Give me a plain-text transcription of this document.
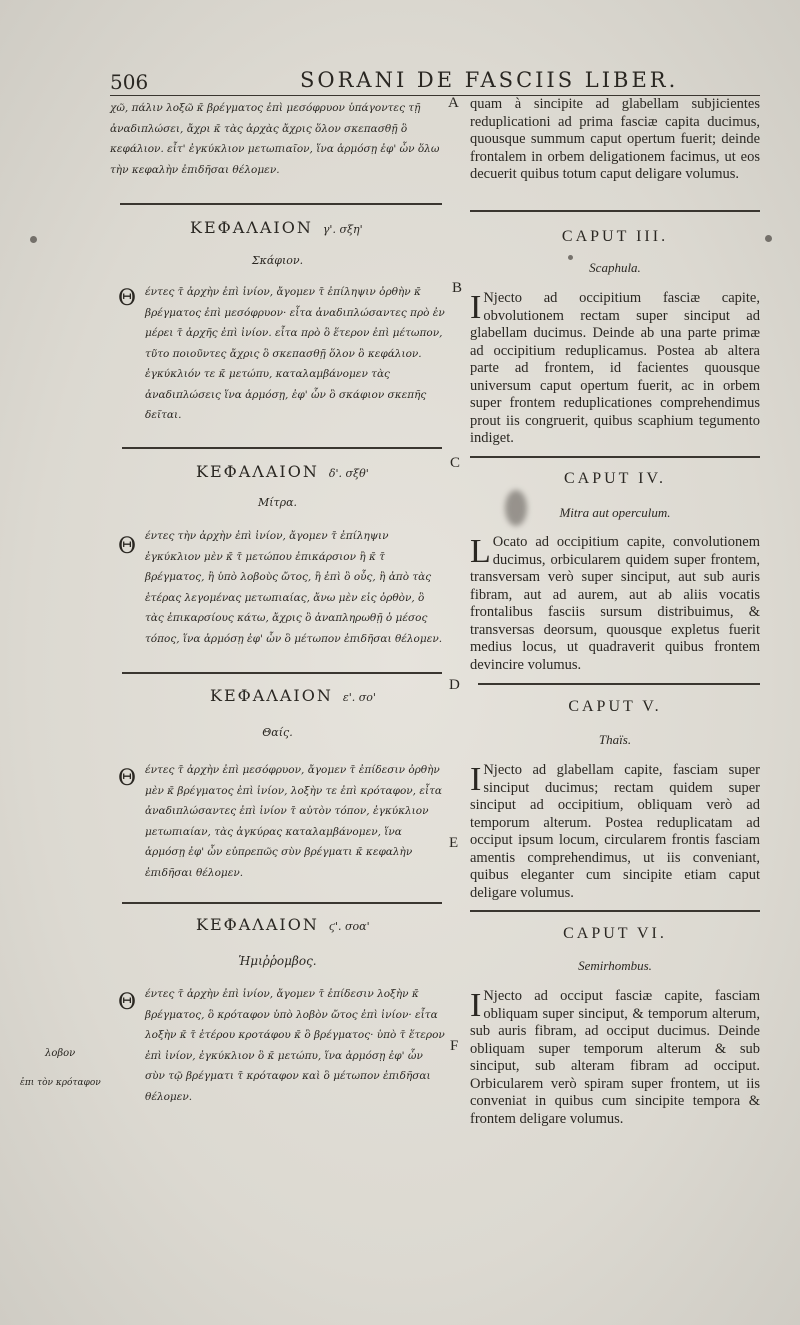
506	SORANI DE FASCIIS LIBER.
A
B
C
D
E
F
λοβον
ἐπι τὸν κρόταφον

χῶ, πάλιν λοξῶ κ̄ βρέγματος ἐπὶ μεσόφρυον ὑπάγοντες τῇ ἀναδιπλώσει, ἄχρι κ̄ τὰς ἀρχὰς ἄχρις ὅλον σκεπασθῇ ὃ κεφάλιον. εἶτ' ἐγκύκλιον μετωπιαῖον, ἵνα ἁρμόσῃ ἐφ' ὧν ὅλω τὴν κεφαλὴν ἐπιδῆσαι θέλομεν.

ΚΕΦΑΛΑΙΟΝ γ'. σξη'
Σκάφιον.
Θ έντες τ̄ ἀρχὴν ἐπὶ ἰνίον, ἄγομεν τ̄ ἐπίληψιν ὀρθὴν κ̄ βρέγματος ἐπὶ μεσόφρυον· εἶτα ἀναδιπλώσαντες πρὸ ἐν μέρει τ̄ ἀρχῆς ἐπὶ ἰνίον. εἶτα πρὸ ὃ ἕτερον ἐπὶ μέτωπον, τῦτο ποιοῦντες ἄχρις ὃ σκεπασθῇ ὅλον ὃ κεφάλιον. ἐγκύκλιόν τε κ̄ μετώπυ, καταλαμβάνομεν τὰς ἀναδιπλώσεις ἵνα ἁρμόσῃ, ἐφ' ὧν ὃ σκάφιον σκεπῆς δεῖται.

ΚΕΦΑΛΑΙΟΝ δ'. σξθ'
Μίτρα.
Θ έντες τὴν ἀρχὴν ἐπὶ ἰνίον, ἄγομεν τ̄ ἐπίληψιν ἐγκύκλιον μὲν κ̄ τ̄ μετώπου ἐπικάρσιον ἢ κ̄ τ̄ βρέγματος, ἢ ὑπὸ λοβοὺς ὤτος, ἢ ἐπὶ ὃ οὖς, ἢ ἀπὸ τὰς ἑτέρας λεγομένας μετωπιαίας, ἄνω μὲν εἰς ὀρθὸν, ὃ τὰς ἐπικαρσίους κάτω, ἄχρις ὃ ἀναπληρωθῇ ὁ μέσος τόπος, ἵνα ἁρμόσῃ ἐφ' ὧν ὃ μέτωπον ἐπιδῆσαι θέλομεν.

ΚΕΦΑΛΑΙΟΝ ε'. σο'
Θαίς.
Θ έντες τ̄ ἀρχὴν ἐπὶ μεσόφρυον, ἄγομεν τ̄ ἐπίδεσιν ὀρθὴν μὲν κ̄ βρέγματος ἐπὶ ἰνίον, λοξὴν τε ἐπὶ κρόταφον, εἶτα ἀναδιπλώσαντες ἐπὶ ἰνίον τ̄ αὐτὸν τόπον, ἐγκύκλιον μετωπιαίαν, τὰς ἀγκύρας καταλαμβάνομεν, ἵνα ἁρμόσῃ ἐφ' ὧν εὐπρεπῶς σὺν βρέγματι κ̄ κεφαλὴν ἐπιδῆσαι θέλομεν.

ΚΕΦΑΛΑΙΟΝ ϛ'. σοα'
Ἡμιῤῥομβος.
Θ έντες τ̄ ἀρχὴν ἐπὶ ἰνίον, ἄγομεν τ̄ ἐπίδεσιν λοξὴν κ̄ βρέγματος, ὃ κρόταφον ὑπὸ λοβὸν ὤτος ἐπὶ ἰνίον· εἶτα λοξὴν κ̄ τ̄ ἑτέρου κροτάφου κ̄ ὃ βρέγματος· ὑπὸ τ̄ ἕτερον ἐπὶ ἰνίον, ἐγκύκλιον ὃ κ̄ μετώπυ, ἵνα ἁρμόσῃ ἐφ' ὧν σὺν τῷ βρέγματι τ̄ κρόταφον καὶ ὃ μέτωπον ἐπιδῆσαι θέλομεν.

quam à sincipite ad glabellam subjicientes reduplicationi ad prima fasciæ capita ducimus, quousque summum caput opertum fuerit; deinde frontalem in orbem deligationem facimus, ut eos decuerit quibus totum caput deligare volumus.

CAPUT III.
Scaphula.

I Njecto ad occipitium fasciæ capite, obvolutionem rectam super sinciput ad glabellam ducimus. Deinde ab una parte primæ ad occipitium reduplicamus. Postea ab altera parte ad frontem, id facientes quousque universum caput opertum fuerit, ac in orbem super frontem reduplicationes comprehendimus prout iis congruerit, quibus scaphium tegumento indiget.

CAPUT IV.
Mitra aut operculum.

L Ocato ad occipitium capite, convolutionem ducimus, orbicularem quidem super frontem, transversam verò super sinciput, aut sub auris fibram, aut ad aurem, aut ab aliis vocatis frontalibus fasciis sursum distribuimus, & transversas deorsum, quousque expletus fuerit medius locus, ut quadraverit quibus frontem devincire volumus.

CAPUT V.
Thaïs.

I Njecto ad glabellam capite, fasciam super sinciput ducimus; rectam quidem super sinciput ad occipitium, obliquam verò ad temporum alterum. Postea reduplicatam ad occiput ipsum locum, circularem frontis fasciam amentis comprehendimus, ut iis conveniant, quibus eleganter cum sincipite etiam caput deligare volumus.

CAPUT VI.
Semirhombus.

I Njecto ad occiput fasciæ capite, fasciam obliquam super sinciput, & temporum alterum, sub auris fibram, ad occiput ducimus. Deinde obliquam super temporum alterum & sub sinciput, sub alteram fibram ad occiput. Orbicularem verò spiram super frontem, ut iis conveniat in quibus cum sincipite tempora & frontem deligare volumus.
